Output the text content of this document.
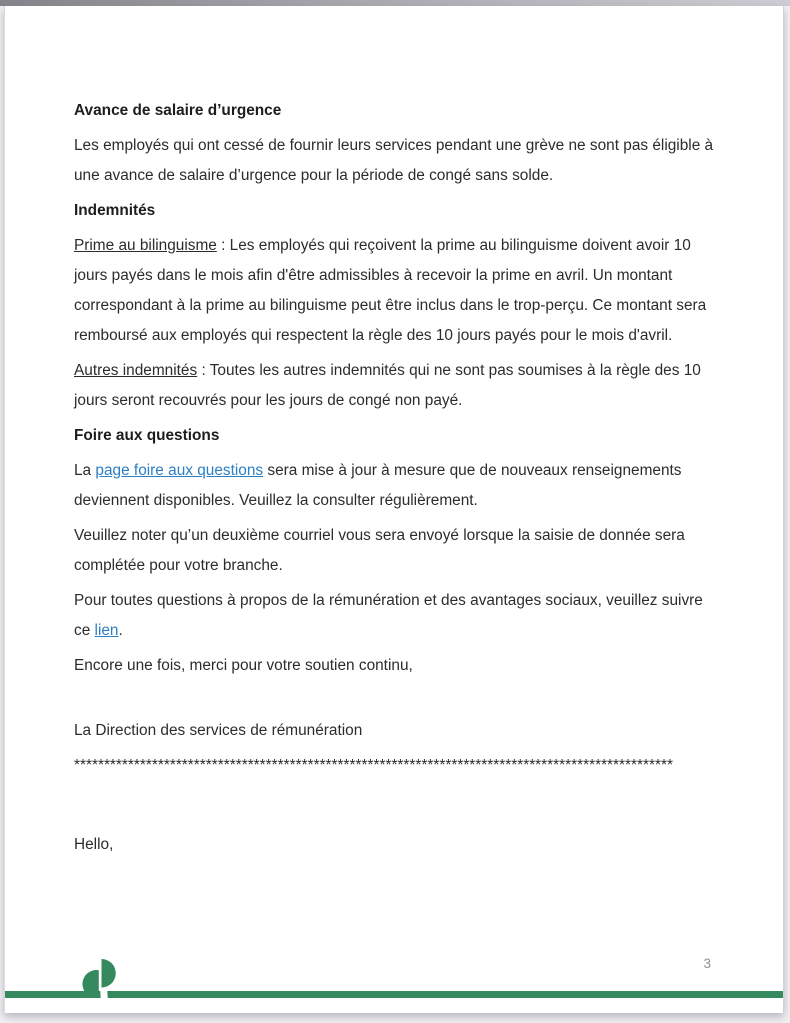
Avance de salaire d’urgence

Les employés qui ont cessé de fournir leurs services pendant une grève ne sont pas éligible à une avance de salaire d’urgence pour la période de congé sans solde.

Indemnités

Prime au bilinguisme : Les employés qui reçoivent la prime au bilinguisme doivent avoir 10 jours payés dans le mois afin d'être admissibles à recevoir la prime en avril. Un montant correspondant à la prime au bilinguisme peut être inclus dans le trop-perçu. Ce montant sera remboursé aux employés qui respectent la règle des 10 jours payés pour le mois d'avril.

Autres indemnités : Toutes les autres indemnités qui ne sont pas soumises à la règle des 10 jours seront recouvrés pour les jours de congé non payé.

Foire aux questions

La page foire aux questions sera mise à jour à mesure que de nouveaux renseignements deviennent disponibles. Veuillez la consulter régulièrement.

Veuillez noter qu’un deuxième courriel vous sera envoyé lorsque la saisie de donnée sera complétée pour votre branche.

Pour toutes questions à propos de la rémunération et des avantages sociaux, veuillez suivre ce lien.

Encore une fois, merci pour votre soutien continu,

La Direction des services de rémunération

****************************************************************************************************

Hello,

3
